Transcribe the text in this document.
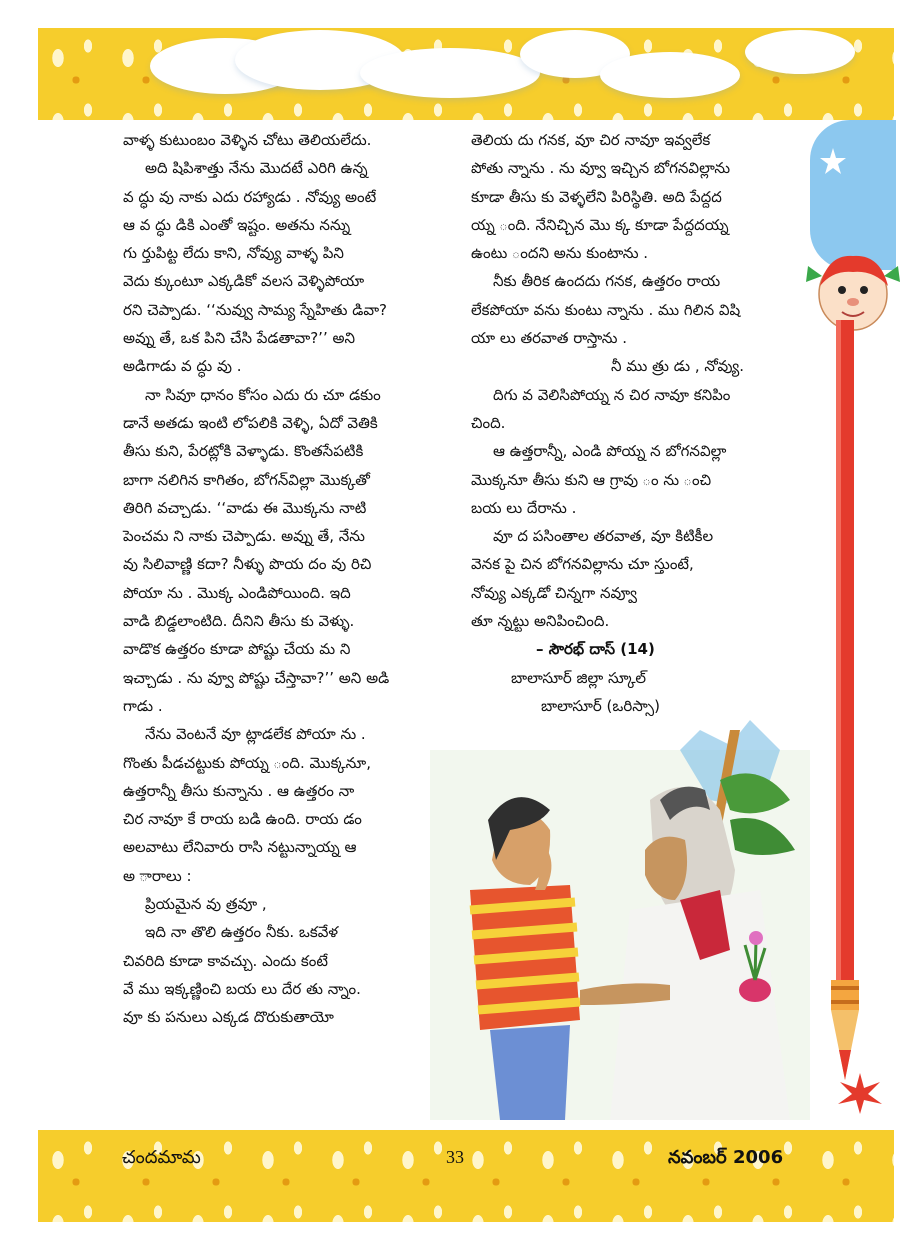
వాళ్ళ కుటుంబం వెళ్ళిన చోటు తెలియలేదు.

అది షిపిశాత్తు నేను మొదటే ఎరిగి ఉన్న

వ ద్ధు వు నాకు ఎదు రహ్యాడు . నోవ్యు అంటే

ఆ వ ద్ధు డికి ఎంతో ఇష్టం. అతను నన్ను

గు ర్తుపిట్ట లేదు కాని, నోవ్యు వాళ్ళ పిని

వెదు క్కుంటూ ఎక్కడికో వలస వెళ్ళిపోయా

రని చెప్పాడు. ‘‘నువ్వు సామ్య స్నేహితు డివా?

అవ్ను తే, ఒక పిని చేసి పేడతావా?’’ అని

అడిగాడు వ ద్ధు వు .

నా సివూ ధానం కోసం ఎదు రు చూ డకుం

డానే అతడు ఇంటి లోపలికి వెళ్ళి, ఏదో వెతికి

తీసు కుని, పేరట్లోకి వెళ్ళాడు. కొంతసేపటికి

బాగా నలిగిన కాగితం, బోగన్‌విల్లా మొక్కతో

తిరిగి వచ్చాడు. ‘‘వాడు ఈ మొక్కను నాటి

పెంచమ ని నాకు చెప్పాడు. అవ్ను తే, నేను

వు సిలివాణ్ణి కదా? నీళ్ళు పొయ దం వు రిచి

పోయా ను . మొక్క ఎండిపోయింది. ఇది

వాడి బిడ్డలాంటిది. దీనిని తీసు కు వెళ్ళు.

వాడొక ఉత్తరం కూడా పోష్టు చేయ మ ని

ఇచ్చాడు . ను వ్వూ పోష్టు చేస్తావా?’’ అని అడి

గాడు .

నేను వెంటనే వూ ట్లాడలేక పోయా ను .

గొంతు పీడచట్టుకు పోయ్న ంది. మొక్కనూ,

ఉత్తరాన్నీ తీసు కున్నాను . ఆ ఉత్తరం నా

చిర నావూ కే రాయ బడి ఉంది. రాయ డం

అలవాటు లేనివారు రాసి నట్టున్నాయ్న ఆ

అ ారాలు :

ప్రియమైన వు త్రవూ ,

ఇది నా తొలి ఉత్తరం నీకు. ఒకవేళ

చివరిది కూడా కావచ్చు. ఎందు కంటే

వే ము ఇక్కణ్ణించి బయ లు దేర తు న్నాం.

వూ కు పనులు ఎక్కడ దొరుకుతాయో

తెలియ దు గనక, వూ చిర నావూ ఇవ్వలేక

పోతు న్నాను . ను వ్వూ ఇచ్చిన బోగనవిల్లాను

కూడా తీసు కు వెళ్ళలేని పిరిస్థితి. అది పేద్దద

య్న ంది. నేనిచ్చిన మొ క్క కూడా పేద్దదయ్న

ఉంటు ందని అను కుంటాను .

నీకు తీరిక ఉందదు గనక, ఉత్తరం రాయ

లేకపోయా వను కుంటు న్నాను . ము గిలిన విషి

యా లు తరవాత రాస్తాను .

నీ ము త్రు డు , నోవ్యు.

దిగు వ వెలిసిపోయ్న న చిర నావూ కనిపిం

చింది.

ఆ ఉత్తరాన్నీ, ఎండి పోయ్న న బోగనవిల్లా

మొక్కనూ తీసు కుని ఆ గ్రావు ం ను ంచి

బయ లు దేరాను .

వూ ద పసింతాల తరవాత, వూ కిటికీల

వెనక పై చిన బోగనవిల్లాను చూ స్తుంటే,

నోవ్యు ఎక్కడో చిన్నగా నవ్వూ

తూ న్నట్టు అనిపించింది.

– సౌరభ్ దాస్ (14)

బాలాసూర్ జిల్లా స్కూల్

బాలాసూర్ (ఒరిస్సా)

చందమామ	33	నవంబర్ 2006
